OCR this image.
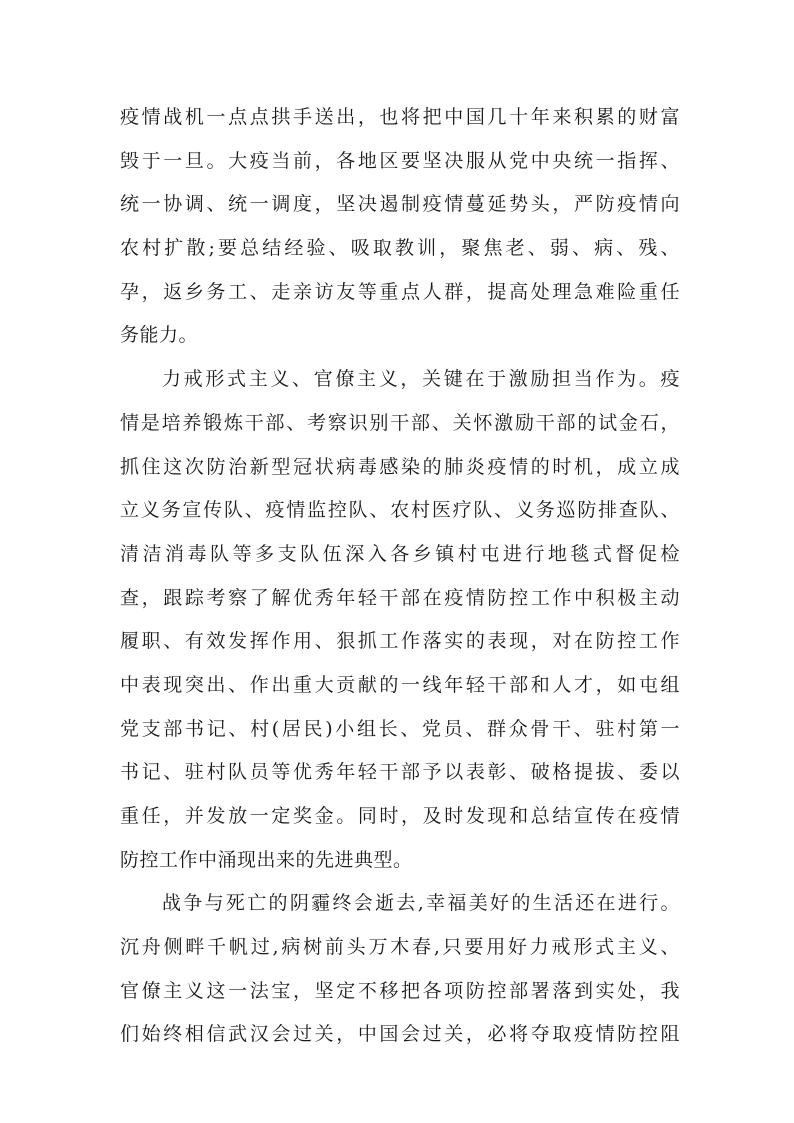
疫情战机一点点拱手送出，也将把中国几十年来积累的财富
毁于一旦。大疫当前，各地区要坚决服从党中央统一指挥、
统一协调、统一调度，坚决遏制疫情蔓延势头，严防疫情向
农村扩散;要总结经验、吸取教训，聚焦老、弱、病、残、
孕，返乡务工、走亲访友等重点人群，提高处理急难险重任
务能力。
力戒形式主义、官僚主义，关键在于激励担当作为。疫
情是培养锻炼干部、考察识别干部、关怀激励干部的试金石，
抓住这次防治新型冠状病毒感染的肺炎疫情的时机，成立成
立义务宣传队、疫情监控队、农村医疗队、义务巡防排查队、
清洁消毒队等多支队伍深入各乡镇村屯进行地毯式督促检
查，跟踪考察了解优秀年轻干部在疫情防控工作中积极主动
履职、有效发挥作用、狠抓工作落实的表现，对在防控工作
中表现突出、作出重大贡献的一线年轻干部和人才，如屯组
党支部书记、村(居民)小组长、党员、群众骨干、驻村第一
书记、驻村队员等优秀年轻干部予以表彰、破格提拔、委以
重任，并发放一定奖金。同时，及时发现和总结宣传在疫情
防控工作中涌现出来的先进典型。
战争与死亡的阴霾终会逝去,幸福美好的生活还在进行。
沉舟侧畔千帆过,病树前头万木春,只要用好力戒形式主义、
官僚主义这一法宝，坚定不移把各项防控部署落到实处，我
们始终相信武汉会过关，中国会过关，必将夺取疫情防控阻
